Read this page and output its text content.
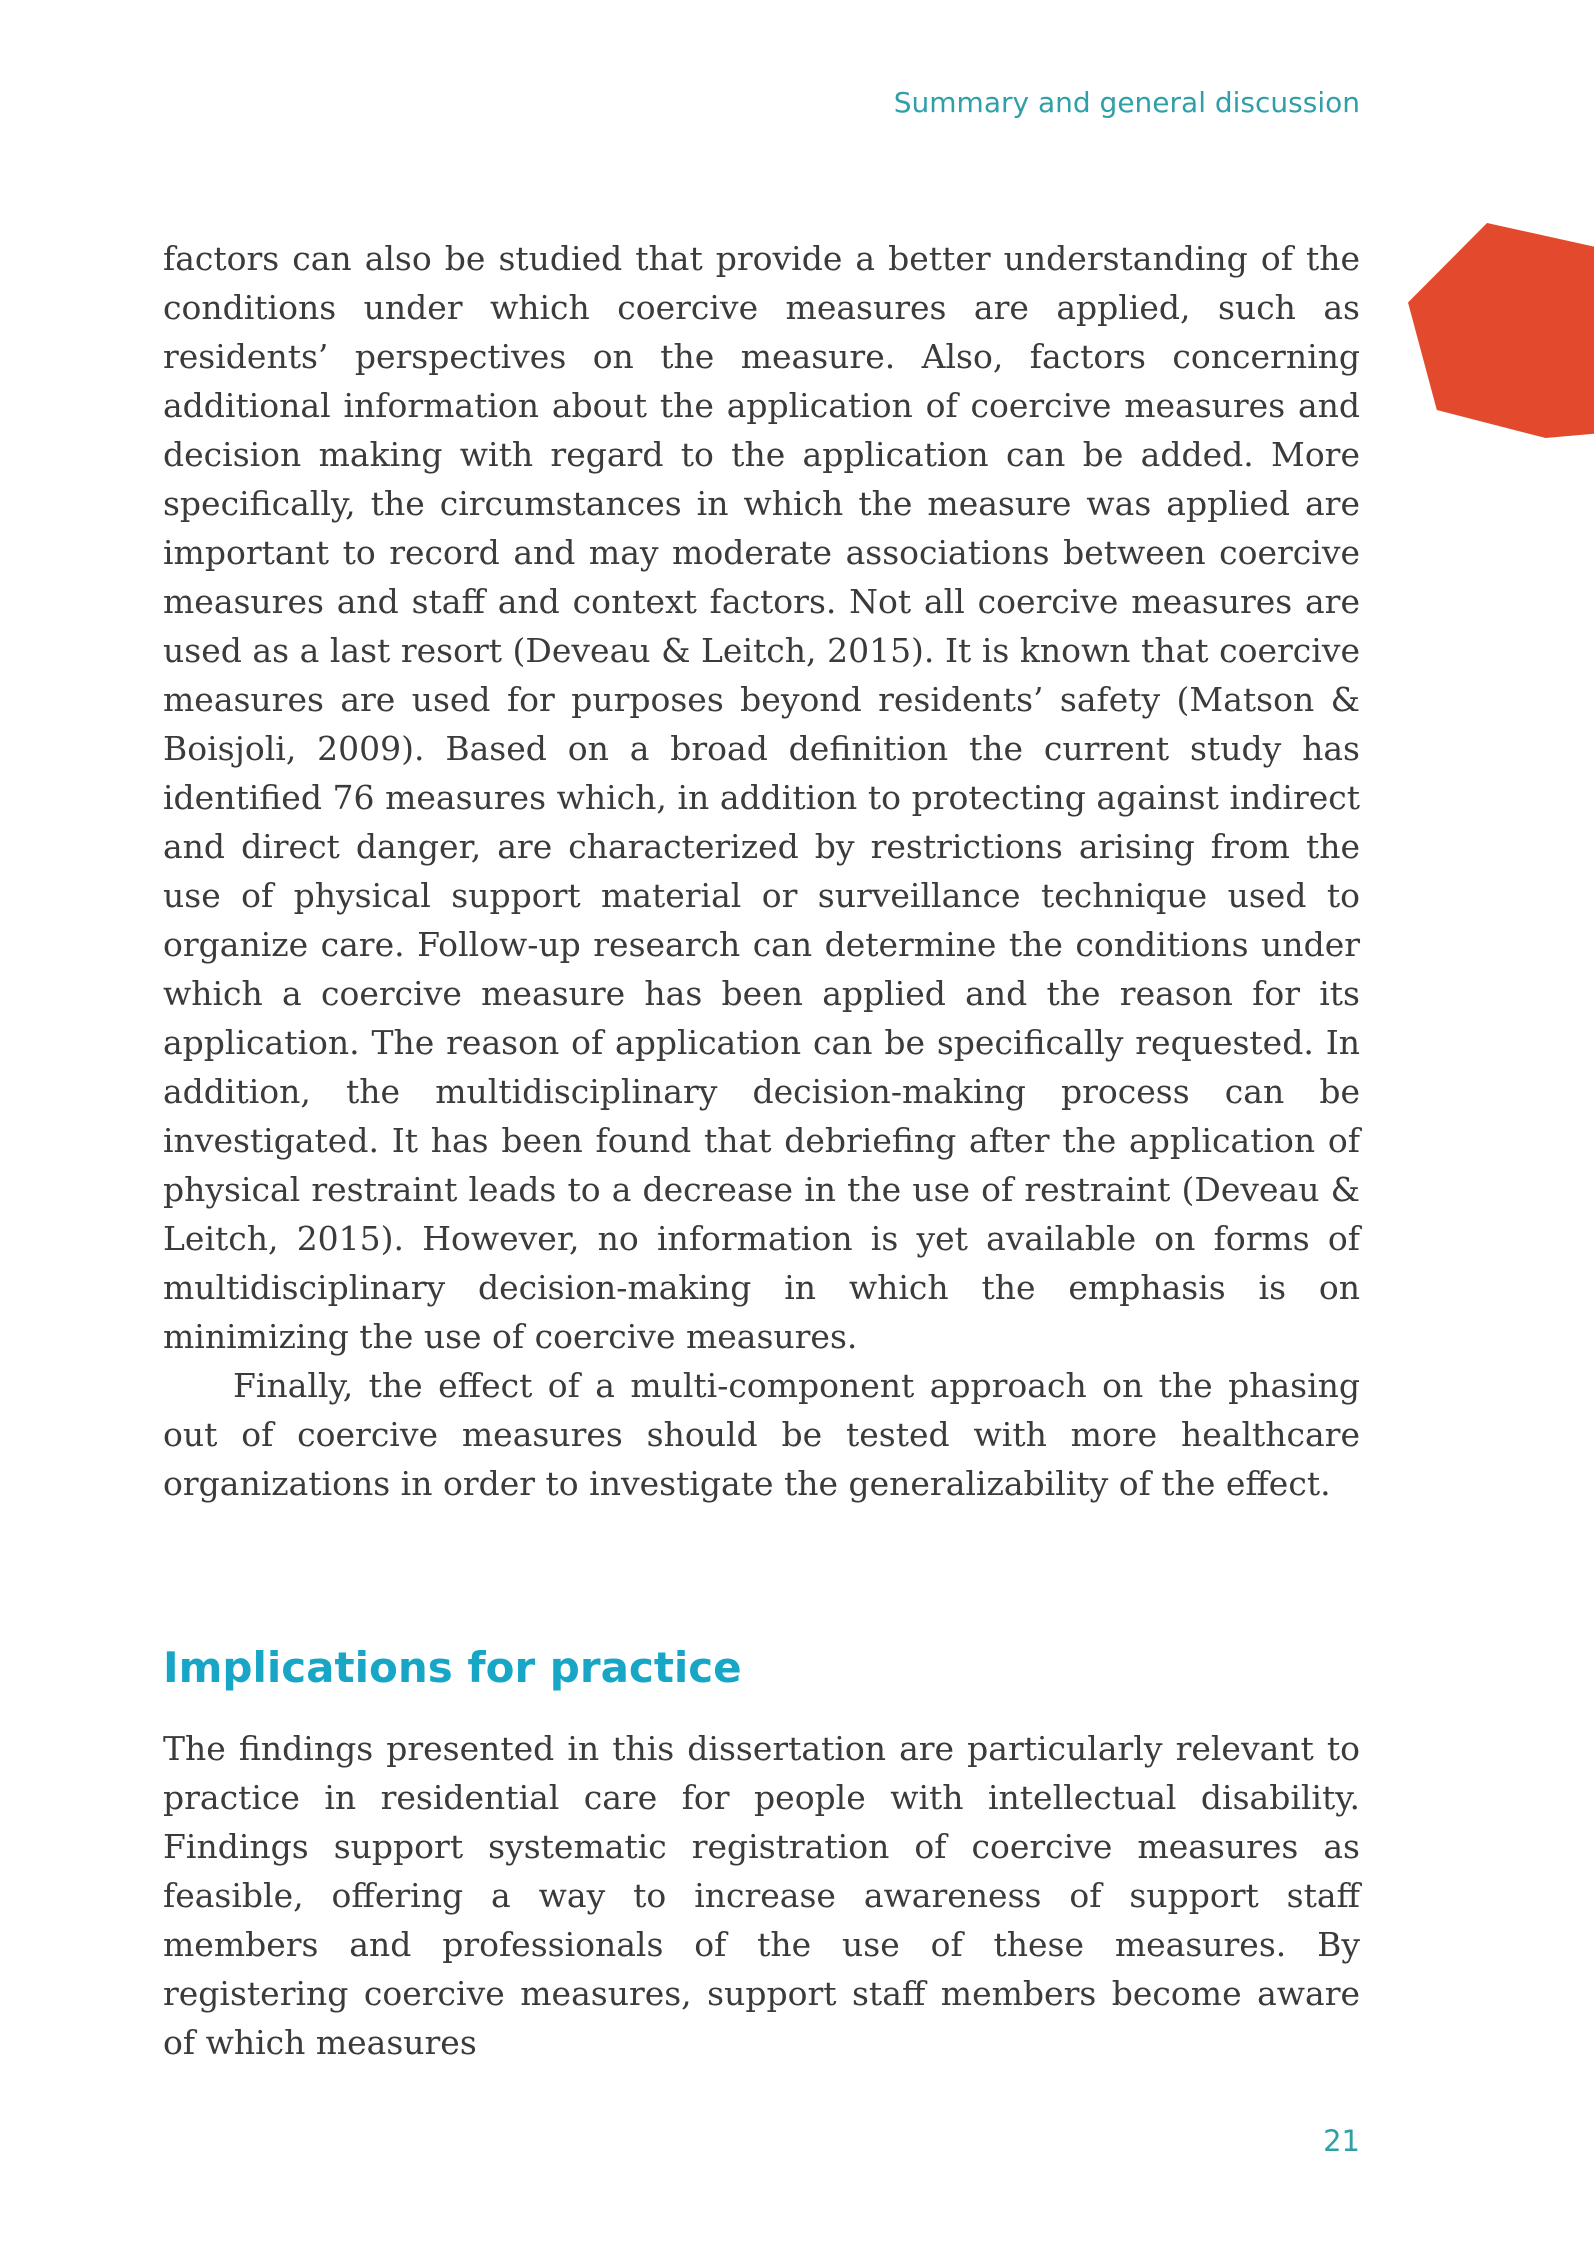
Summary and general discussion

factors can also be studied that provide a better understanding of the conditions under which coercive measures are applied, such as residents’ perspectives on the measure. Also, factors concerning additional information about the application of coercive measures and decision making with regard to the application can be added. More specifically, the circumstances in which the measure was applied are important to record and may moderate associations between coercive measures and staff and context factors. Not all coercive measures are used as a last resort (Deveau & Leitch, 2015). It is known that coercive measures are used for purposes beyond residents’ safety (Matson & Boisjoli, 2009). Based on a broad definition the current study has identified 76 measures which, in addition to protecting against indirect and direct danger, are characterized by restrictions arising from the use of physical support material or surveillance technique used to organize care. Follow-up research can determine the conditions under which a coercive measure has been applied and the reason for its application. The reason of application can be specifically requested. In addition, the multidisciplinary decision-making process can be investigated. It has been found that debriefing after the application of physical restraint leads to a decrease in the use of restraint (Deveau & Leitch, 2015). However, no information is yet available on forms of multidisciplinary decision-making in which the emphasis is on minimizing the use of coercive measures.

Finally, the effect of a multi-component approach on the phasing out of coercive measures should be tested with more healthcare organizations in order to investigate the generalizability of the effect.

Implications for practice

The findings presented in this dissertation are particularly relevant to practice in residential care for people with intellectual disability. Findings support systematic registration of coercive measures as feasible, offering a way to increase awareness of support staff members and professionals of the use of these measures. By registering coercive measures, support staff members become aware of which measures

21
